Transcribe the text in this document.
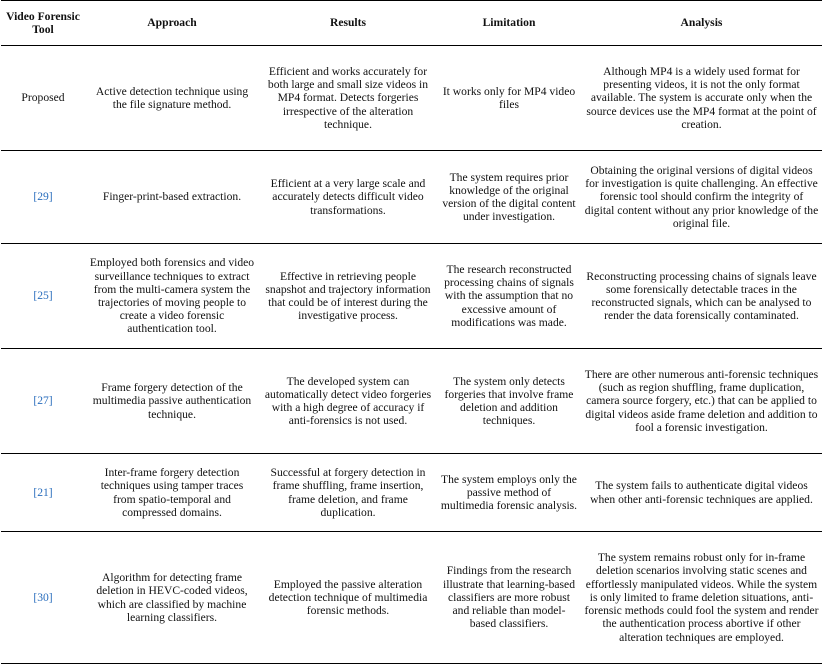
Video Forensic Tool	Approach	Results	Limitation	Analysis
Proposed	Active detection technique using the file signature method.	Efficient and works accurately for both large and small size videos in MP4 format. Detects forgeries irrespective of the alteration technique.	It works only for MP4 video files	Although MP4 is a widely used format for presenting videos, it is not the only format available. The system is accurate only when the source devices use the MP4 format at the point of creation.
[29]	Finger-print-based extraction.	Efficient at a very large scale and accurately detects difficult video transformations.	The system requires prior knowledge of the original version of the digital content under investigation.	Obtaining the original versions of digital videos for investigation is quite challenging. An effective forensic tool should confirm the integrity of digital content without any prior knowledge of the original file.
[25]	Employed both forensics and video surveillance techniques to extract from the multi-camera system the trajectories of moving people to create a video forensic authentication tool.	Effective in retrieving people snapshot and trajectory information that could be of interest during the investigative process.	The research reconstructed processing chains of signals with the assumption that no excessive amount of modifications was made.	Reconstructing processing chains of signals leave some forensically detectable traces in the reconstructed signals, which can be analysed to render the data forensically contaminated.
[27]	Frame forgery detection of the multimedia passive authentication technique.	The developed system can automatically detect video forgeries with a high degree of accuracy if anti-forensics is not used.	The system only detects forgeries that involve frame deletion and addition techniques.	There are other numerous anti-forensic techniques (such as region shuffling, frame duplication, camera source forgery, etc.) that can be applied to digital videos aside frame deletion and addition to fool a forensic investigation.
[21]	Inter-frame forgery detection techniques using tamper traces from spatio-temporal and compressed domains.	Successful at forgery detection in frame shuffling, frame insertion, frame deletion, and frame duplication.	The system employs only the passive method of multimedia forensic analysis.	The system fails to authenticate digital videos when other anti-forensic techniques are applied.
[30]	Algorithm for detecting frame deletion in HEVC-coded videos, which are classified by machine learning classifiers.	Employed the passive alteration detection technique of multimedia forensic methods.	Findings from the research illustrate that learning-based classifiers are more robust and reliable than model-based classifiers.	The system remains robust only for in-frame deletion scenarios involving static scenes and effortlessly manipulated videos. While the system is only limited to frame deletion situations, anti-forensic methods could fool the system and render the authentication process abortive if other alteration techniques are employed.
